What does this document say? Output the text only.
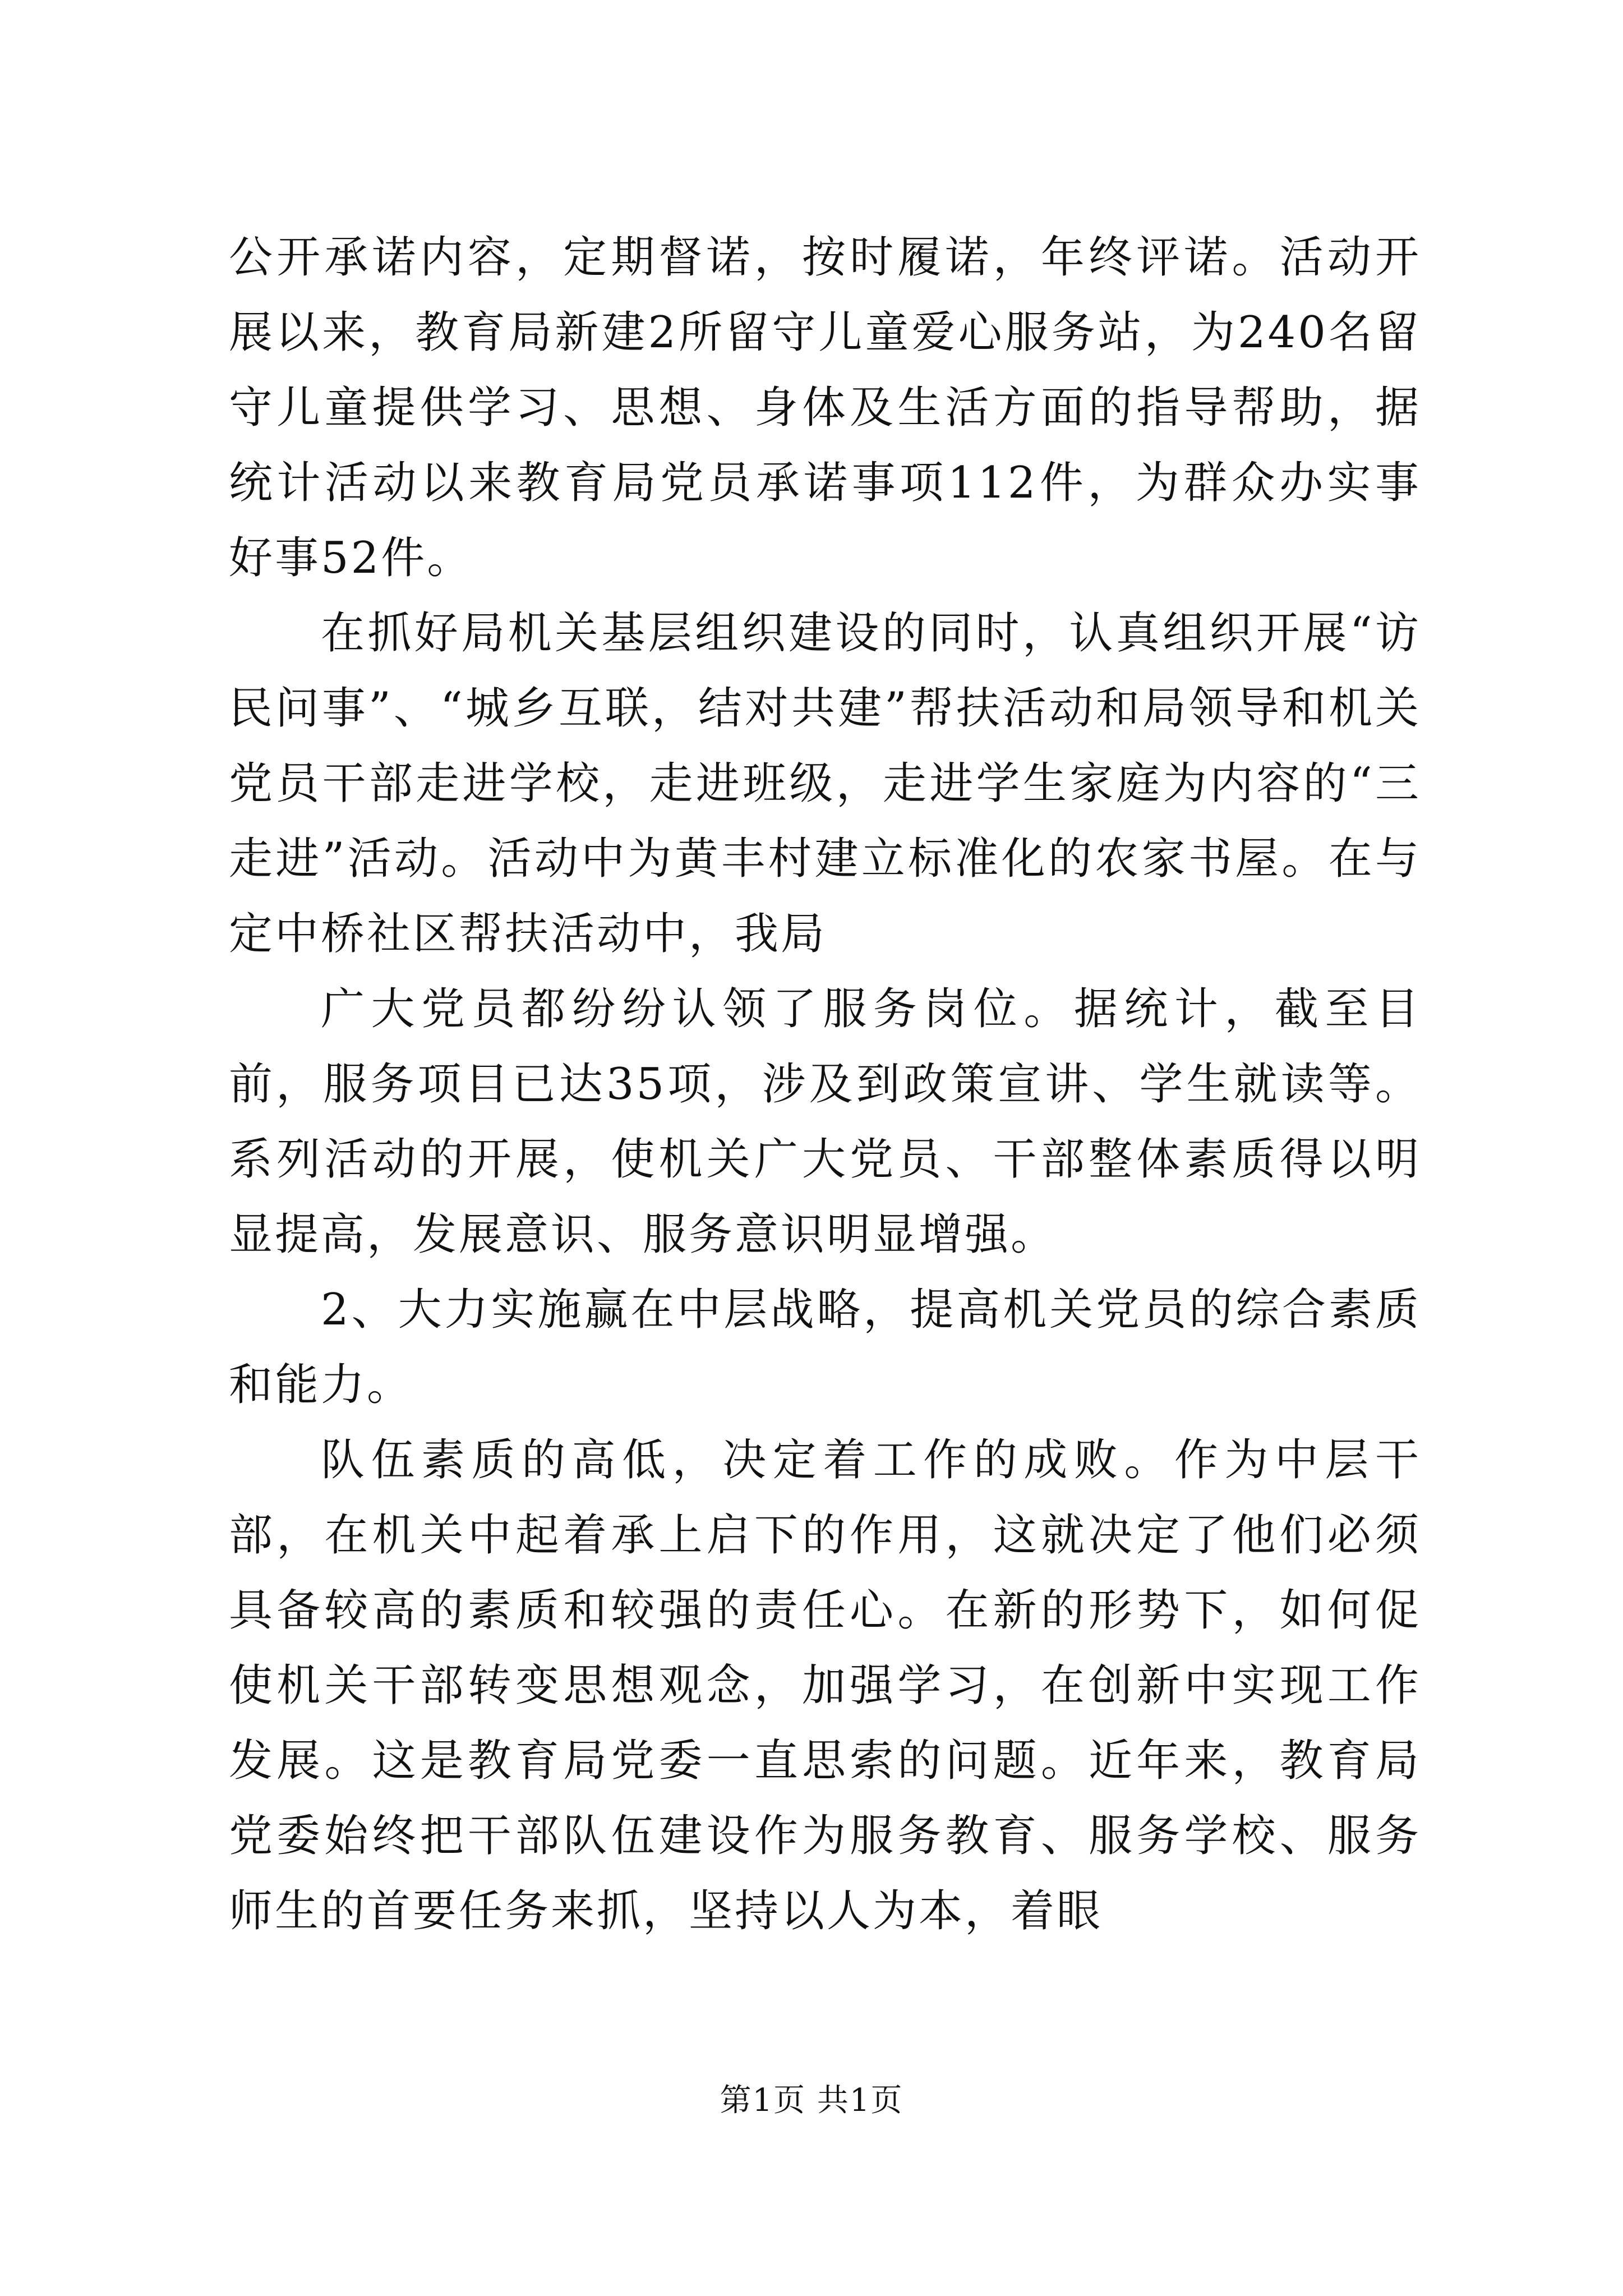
公开承诺内容，定期督诺，按时履诺，年终评诺。活动开展以来，教育局新建2所留守儿童爱心服务站，为240名留守儿童提供学习、思想、身体及生活方面的指导帮助，据统计活动以来教育局党员承诺事项112件，为群众办实事好事52件。

在抓好局机关基层组织建设的同时，认真组织开展“访民问事”、“城乡互联，结对共建”帮扶活动和局领导和机关党员干部走进学校，走进班级，走进学生家庭为内容的“三走进”活动。活动中为黄丰村建立标准化的农家书屋。在与定中桥社区帮扶活动中，我局

广大党员都纷纷认领了服务岗位。据统计，截至目前，服务项目已达35项，涉及到政策宣讲、学生就读等。系列活动的开展，使机关广大党员、干部整体素质得以明显提高，发展意识、服务意识明显增强。

2、大力实施赢在中层战略，提高机关党员的综合素质和能力。

队伍素质的高低，决定着工作的成败。作为中层干部，在机关中起着承上启下的作用，这就决定了他们必须具备较高的素质和较强的责任心。在新的形势下，如何促使机关干部转变思想观念，加强学习，在创新中实现工作发展。这是教育局党委一直思索的问题。近年来，教育局党委始终把干部队伍建设作为服务教育、服务学校、服务师生的首要任务来抓，坚持以人为本，着眼

第1页 共1页
